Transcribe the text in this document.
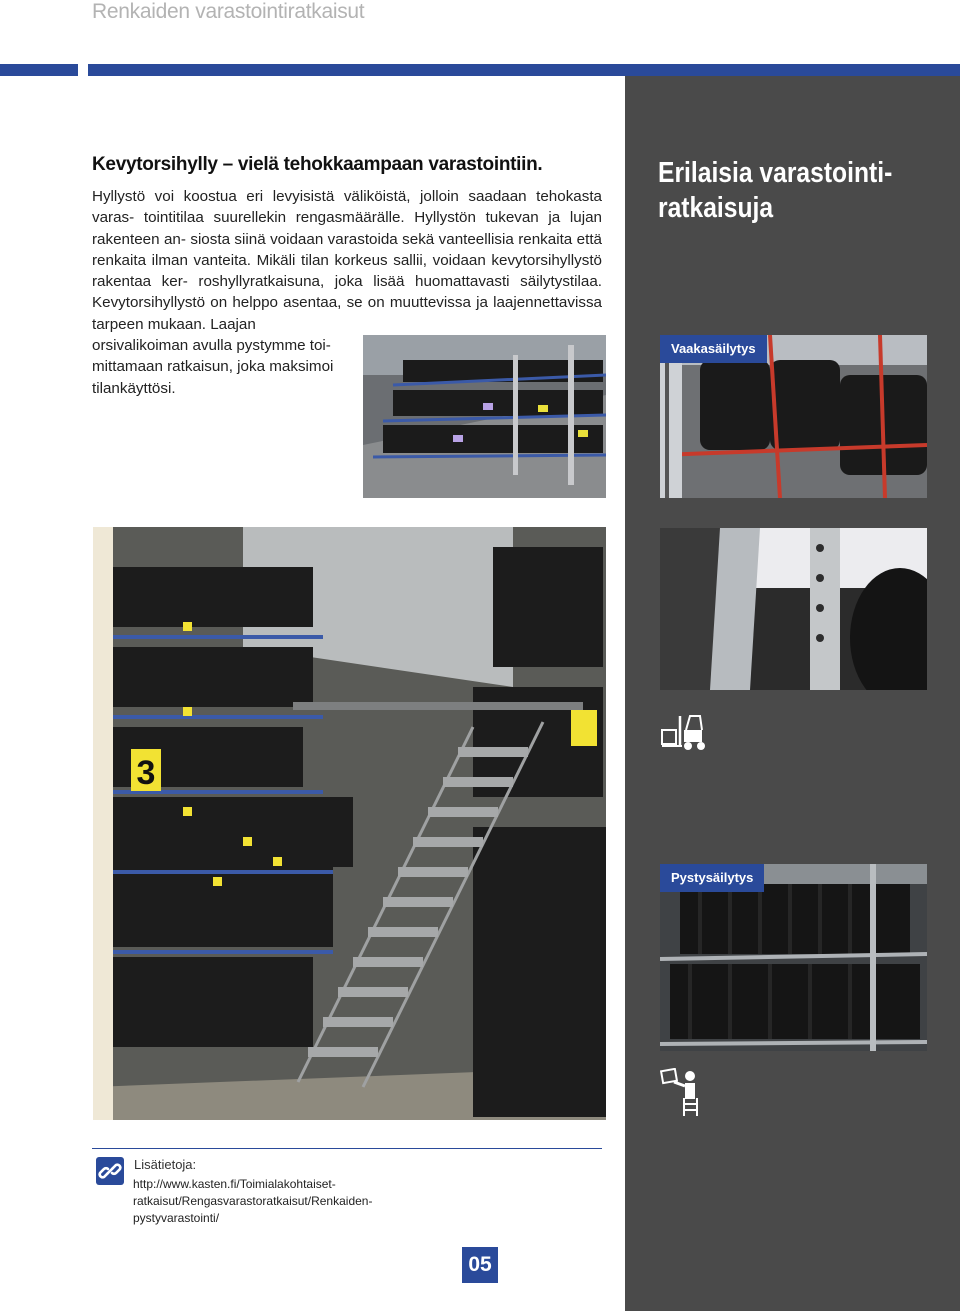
Renkaiden varastointiratkaisut
Erilaisia varastointi-
ratkaisuja
Kevytorsihylly – vielä tehokkaampaan varastointiin.

Hyllystö voi koostua eri levyisistä väliköistä, jolloin saadaan tehokasta varas- tointitilaa suurellekin rengasmäärälle. Hyllystön tukevan ja lujan rakenteen an- siosta siinä voidaan varastoida sekä vanteellisia renkaita että renkaita ilman vanteita. Mikäli tilan korkeus sallii, voidaan kevytorsihyllystö rakentaa ker- roshyllyratkaisuna, joka lisää huomattavasti säilytystilaa. Kevytorsihyllystö on helppo asentaa, se on muuttevissa ja laajennettavissa tarpeen mukaan. Laajan
orsivalikoiman avulla pystymme toi-
mittamaan ratkaisun, joka maksimoi
tilankäyttösi.

3
Vaakasäilytys
Pystysäilytys
Lisätietoja:
http://www.kasten.fi/Toimialakohtaiset-ratkaisut/Rengasvarastoratkaisut/Renkaiden-
pystyvarastointi/
05
